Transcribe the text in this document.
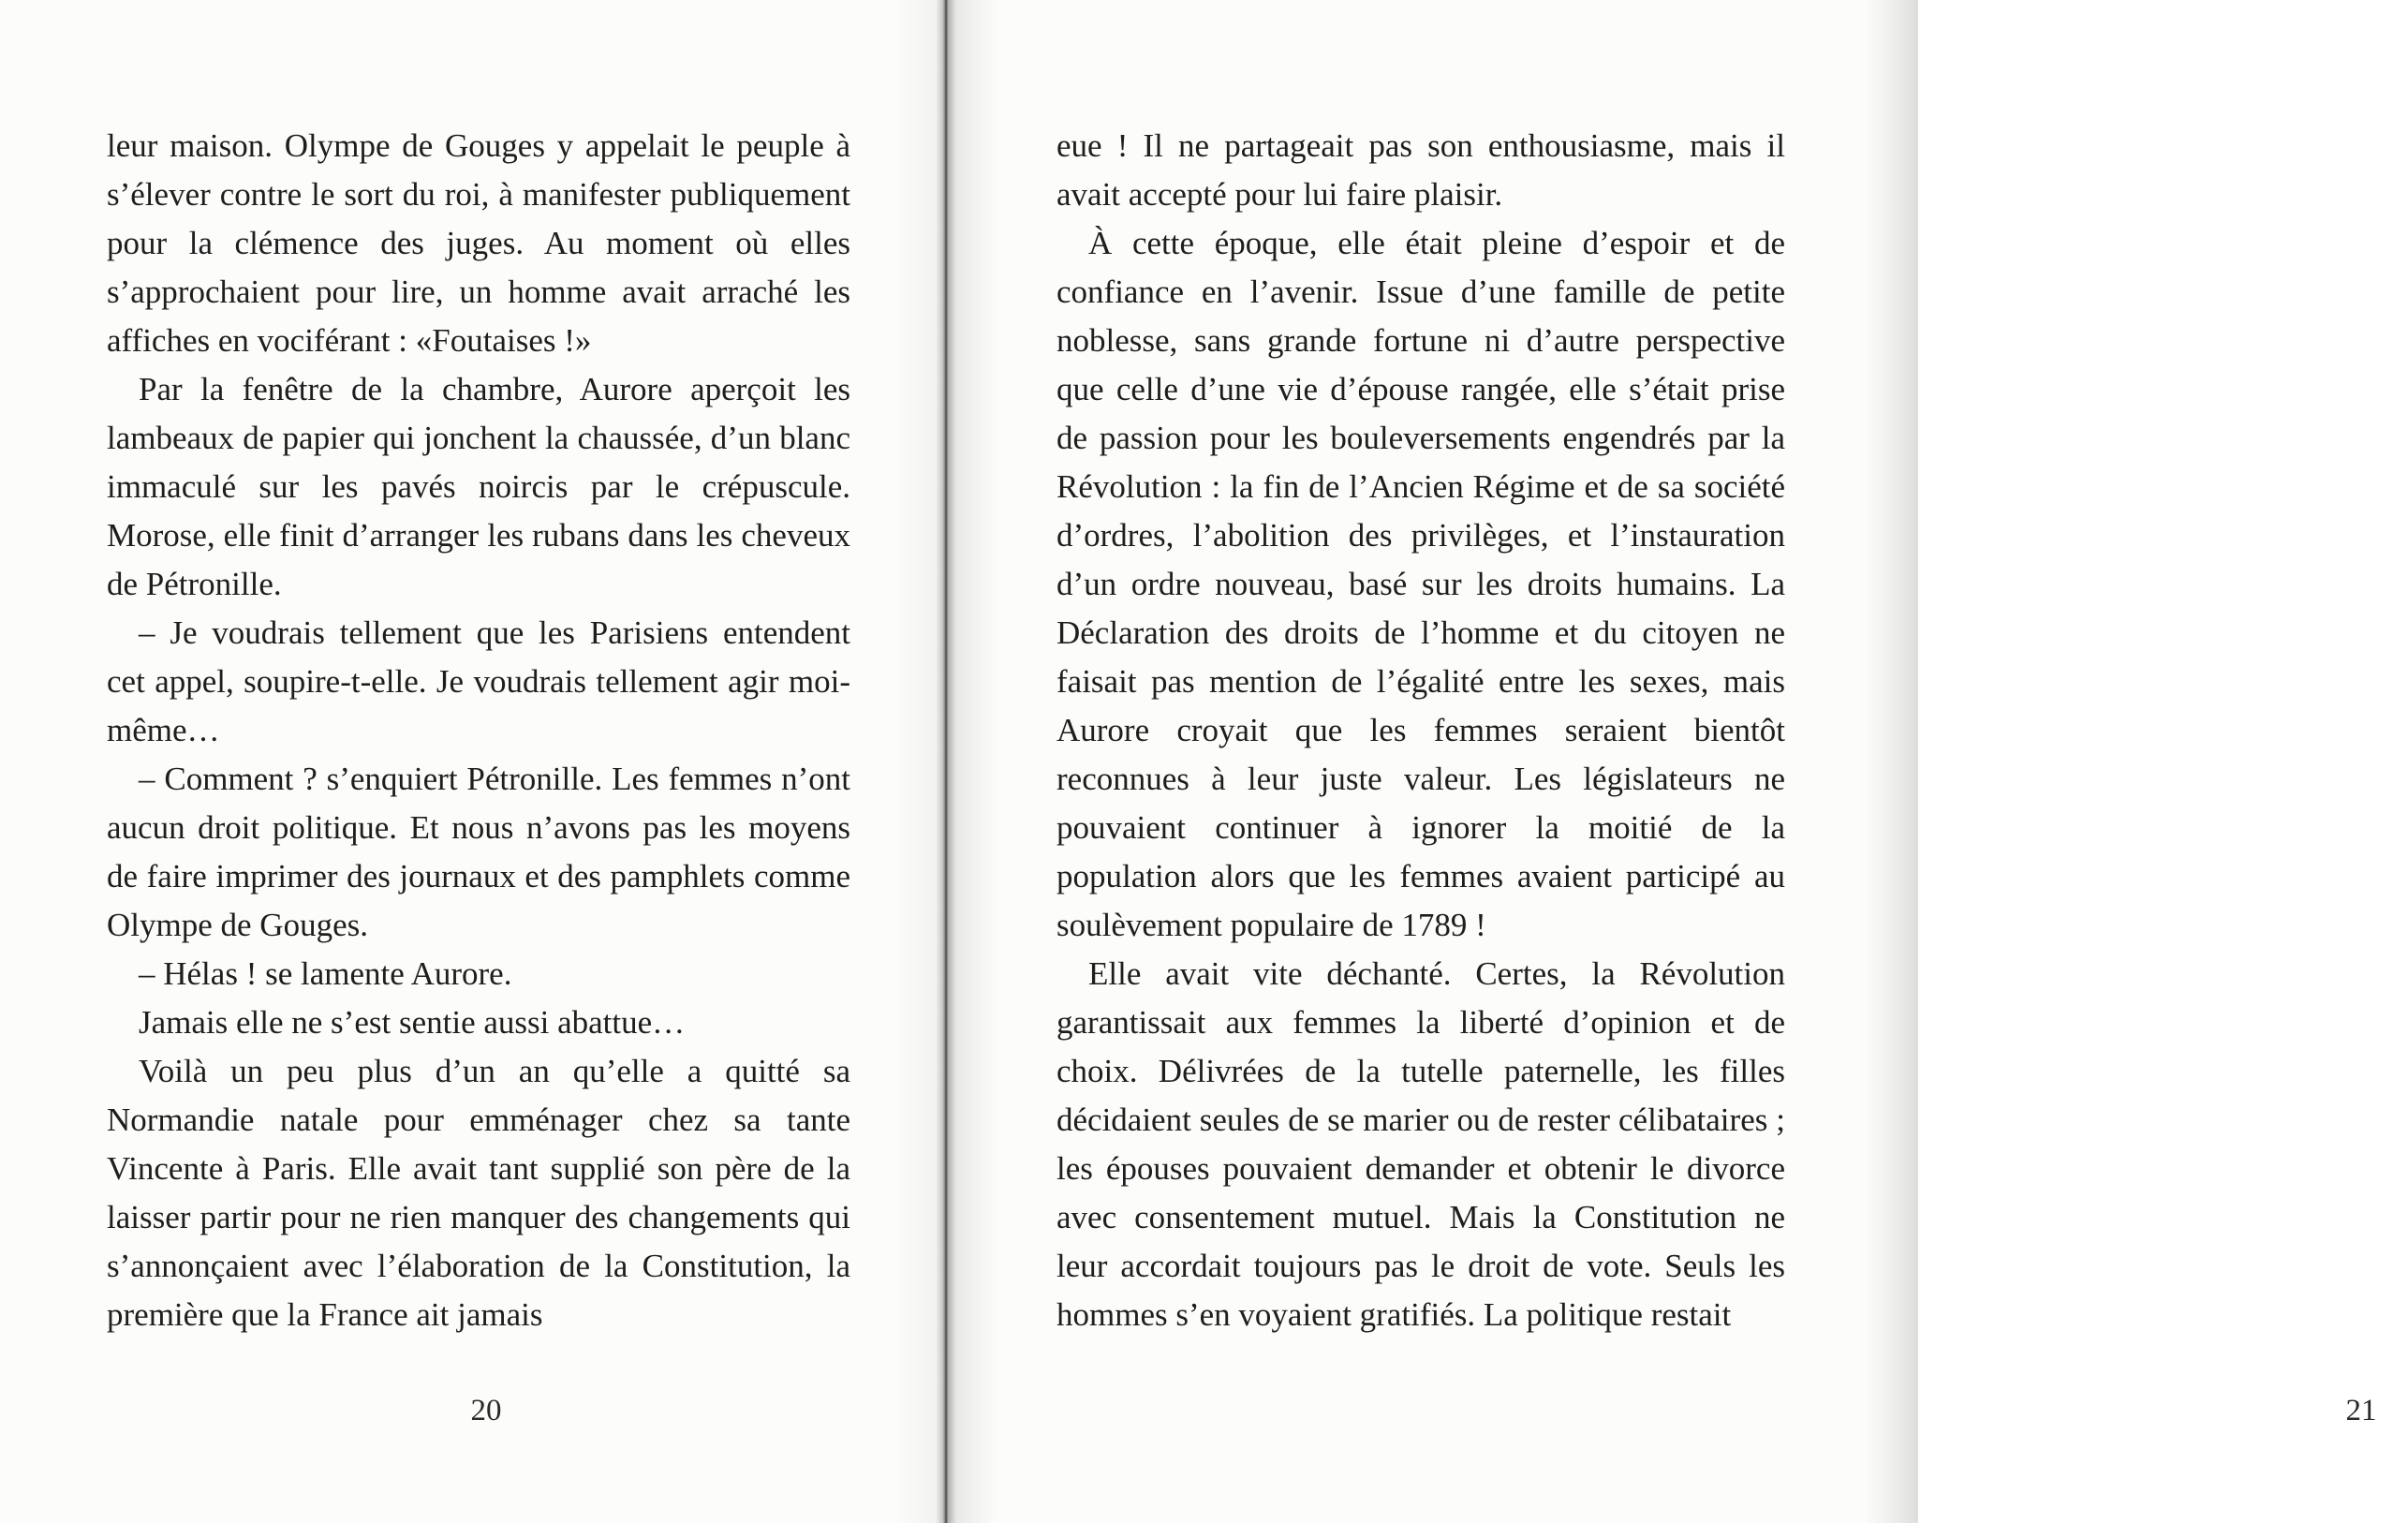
leur maison. Olympe de Gouges y appelait le peuple à s’élever contre le sort du roi, à manifester publiquement pour la clémence des juges. Au moment où elles s’approchaient pour lire, un homme avait arraché les affiches en vociférant : «Foutaises !»

Par la fenêtre de la chambre, Aurore aperçoit les lambeaux de papier qui jonchent la chaussée, d’un blanc immaculé sur les pavés noircis par le crépuscule. Morose, elle finit d’arranger les rubans dans les cheveux de Pétronille.

– Je voudrais tellement que les Parisiens entendent cet appel, soupire-t-elle. Je voudrais tellement agir moi-même…

– Comment ? s’enquiert Pétronille. Les femmes n’ont aucun droit politique. Et nous n’avons pas les moyens de faire imprimer des journaux et des pamphlets comme Olympe de Gouges.

– Hélas ! se lamente Aurore.

Jamais elle ne s’est sentie aussi abattue…

Voilà un peu plus d’un an qu’elle a quitté sa Normandie natale pour emménager chez sa tante Vincente à Paris. Elle avait tant supplié son père de la laisser partir pour ne rien manquer des changements qui s’annonçaient avec l’élaboration de la Constitution, la première que la France ait jamais

20	21

eue ! Il ne partageait pas son enthousiasme, mais il avait accepté pour lui faire plaisir.

À cette époque, elle était pleine d’espoir et de confiance en l’avenir. Issue d’une famille de petite noblesse, sans grande fortune ni d’autre perspective que celle d’une vie d’épouse rangée, elle s’était prise de passion pour les bouleversements engendrés par la Révolution : la fin de l’Ancien Régime et de sa société d’ordres, l’abolition des privilèges, et l’instauration d’un ordre nouveau, basé sur les droits humains. La Déclaration des droits de l’homme et du citoyen ne faisait pas mention de l’égalité entre les sexes, mais Aurore croyait que les femmes seraient bientôt reconnues à leur juste valeur. Les législateurs ne pouvaient continuer à ignorer la moitié de la population alors que les femmes avaient participé au soulèvement populaire de 1789 !

Elle avait vite déchanté. Certes, la Révolution garantissait aux femmes la liberté d’opinion et de choix. Délivrées de la tutelle paternelle, les filles décidaient seules de se marier ou de rester célibataires ; les épouses pouvaient demander et obtenir le divorce avec consentement mutuel. Mais la Constitution ne leur accordait toujours pas le droit de vote. Seuls les hommes s’en voyaient gratifiés. La politique restait
